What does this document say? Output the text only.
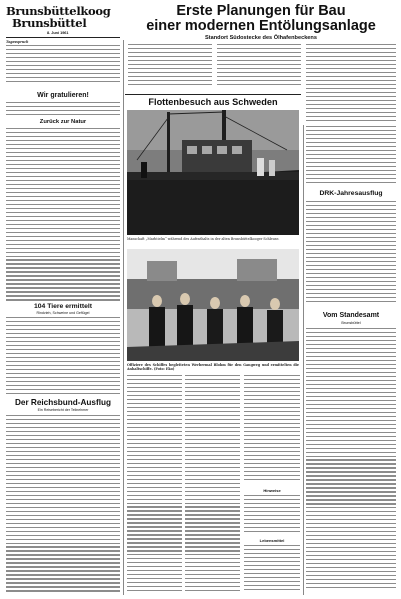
Brunsbüttelkoog
Brunsbüttel
8. Juni 1961
Erste Planungen für Bau
einer modernen Entölungsanlage
Standort Südostecke des Ölhafenbeckens
Tagesspruch
Wir gratulieren!
Zurück zur Natur
104 Tiere ermittelt
Rindvieh, Schweine und Geflügel
Der Reichsbund-Ausflug
Ein Reisebericht der Teilnehmer
Flottenbesuch aus Schweden
Manschaft „Marhtielm“ während des Aufenthalts in der alten Brunsbüttelkooger Schleuse.
Offiziere des Schiffes begleiteten Werbermal Blohm für den Gangweg und ermittelten die Anhaltschiffe. (Foto: Eko)
Hinweise
Lebensmittel
DRK-Jahresausflug
Vom Standesamt
Brunsbüttel
